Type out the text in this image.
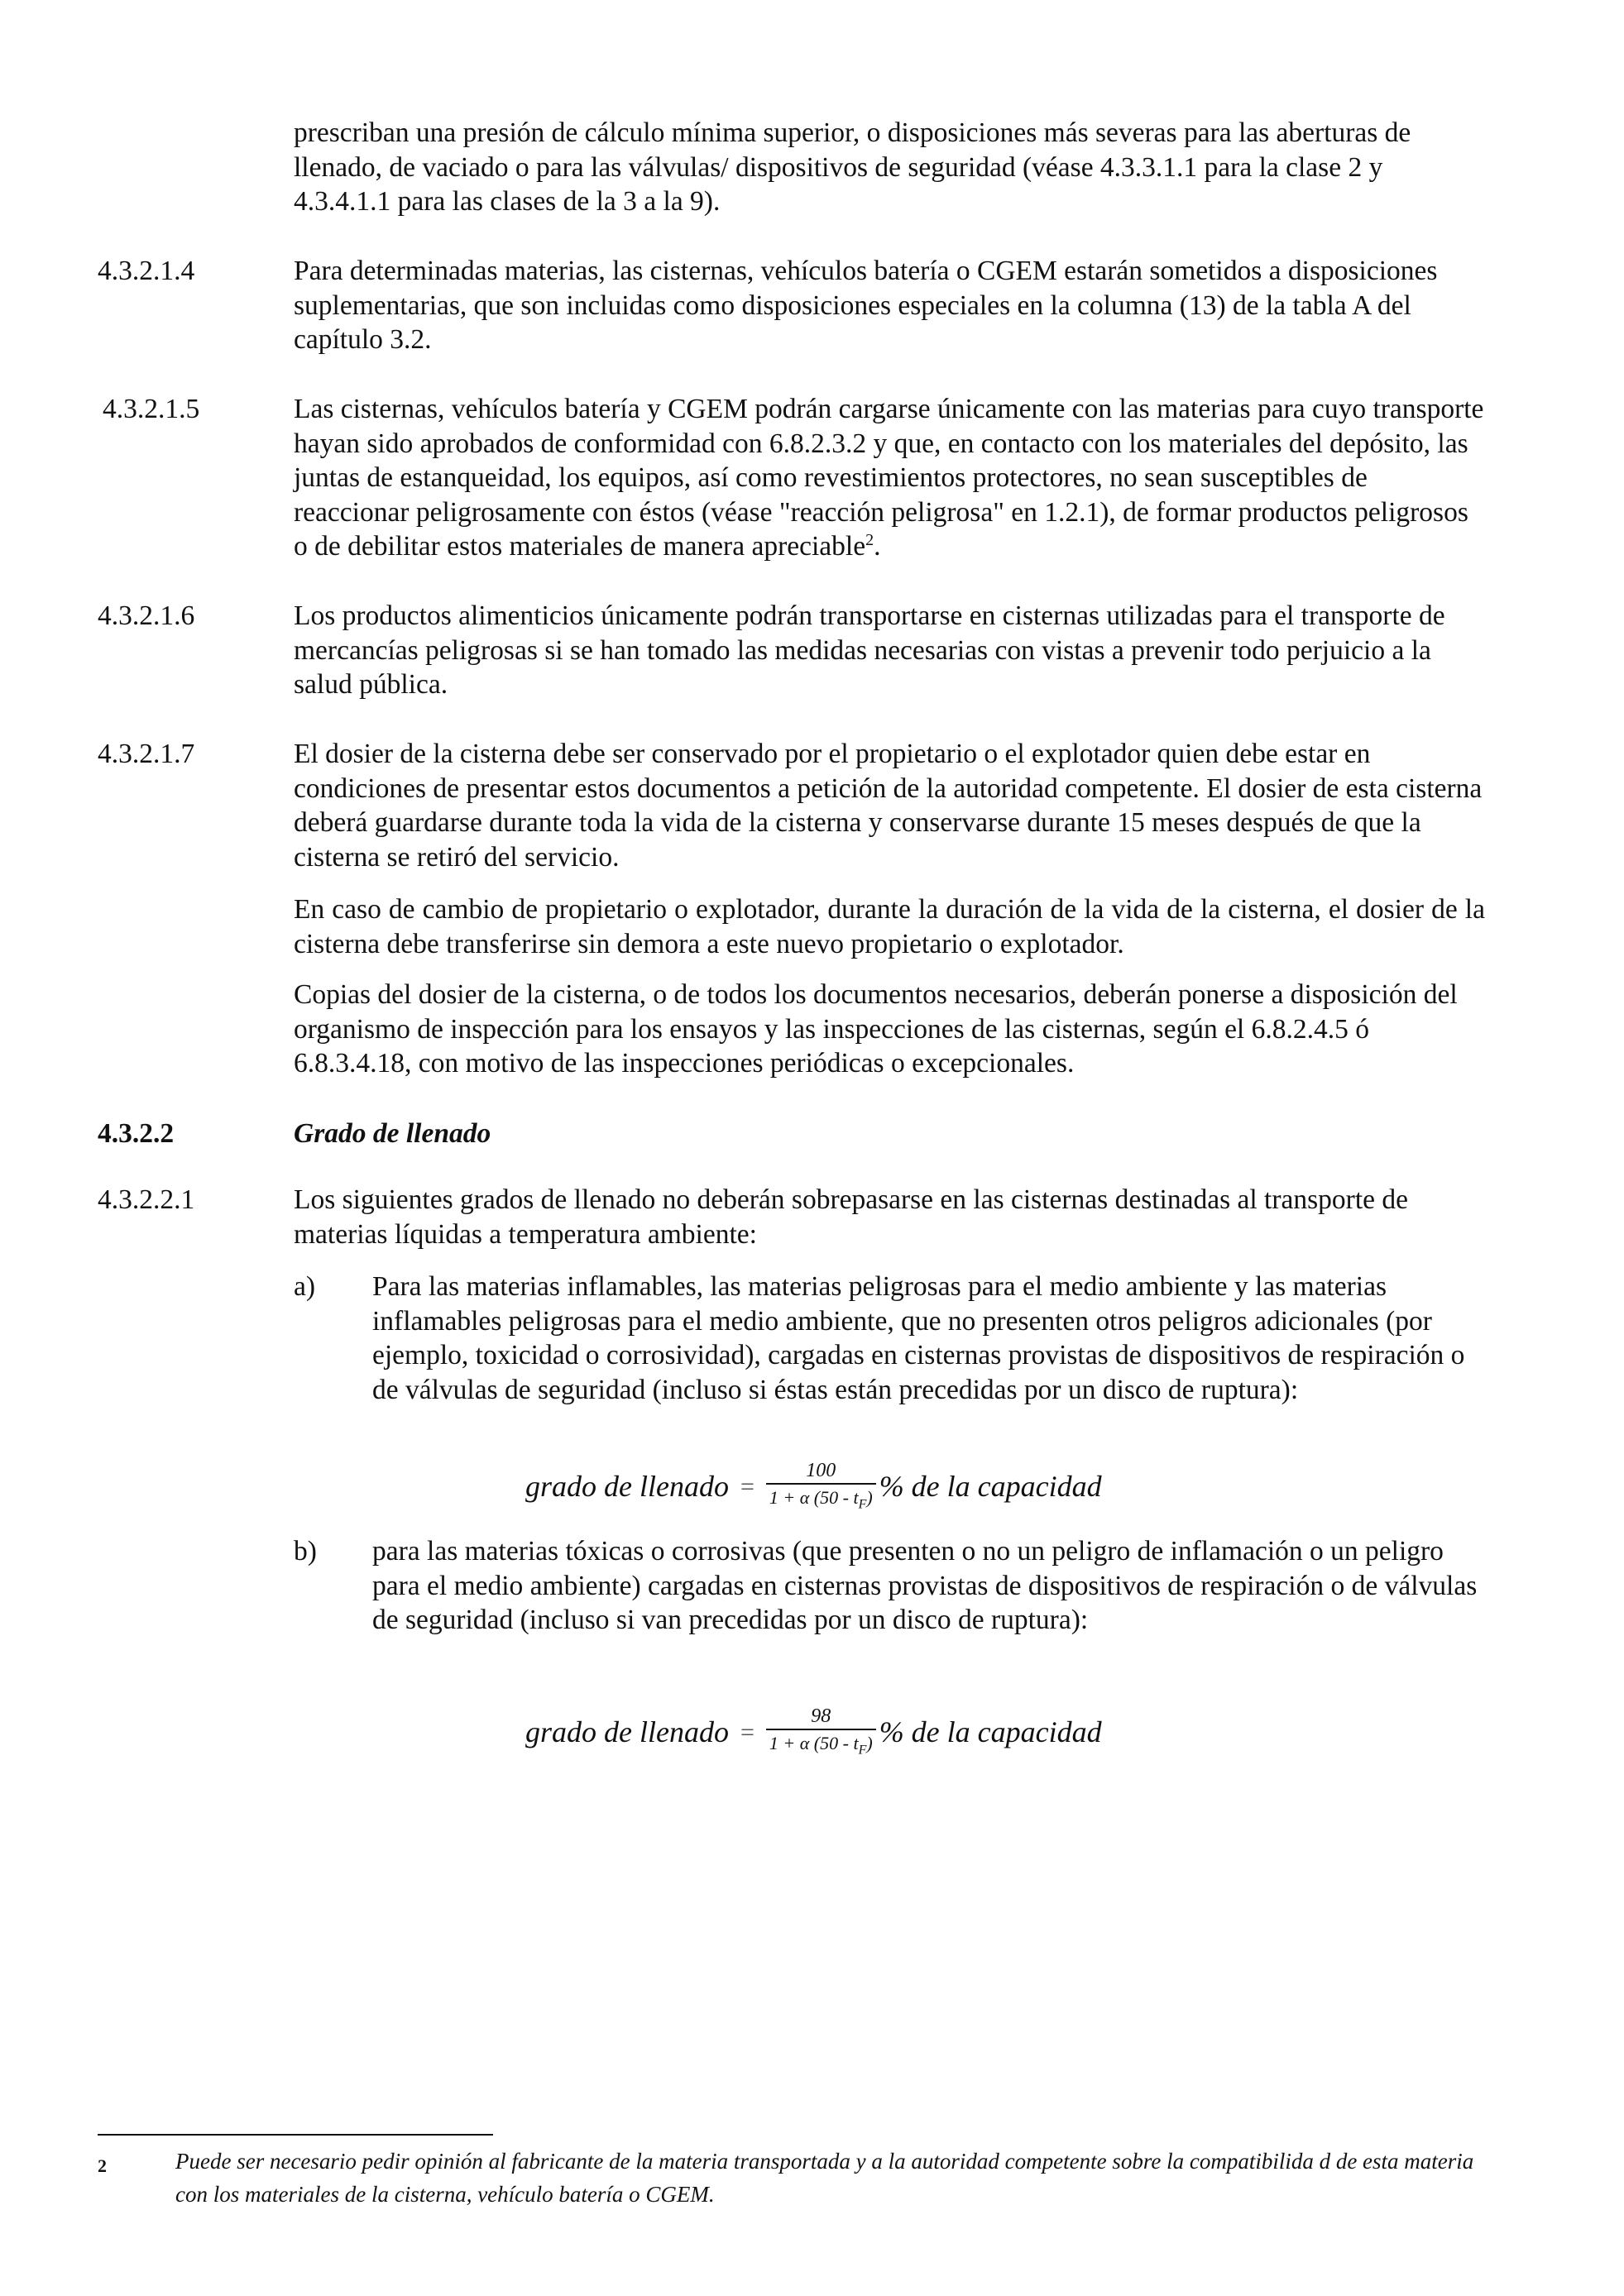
prescriban una presión de cálculo mínima superior, o disposiciones más severas para las aberturas de llenado, de vaciado o para las válvulas/ dispositivos de seguridad (véase 4.3.3.1.1 para la clase 2 y 4.3.4.1.1 para las clases de la 3 a la 9).

4.3.2.1.4	Para determinadas materias, las cisternas, vehículos batería o CGEM estarán sometidos a disposiciones suplementarias, que son incluidas como disposiciones especiales en la columna (13) de la tabla A del capítulo 3.2.

4.3.2.1.5	Las cisternas, vehículos batería y CGEM podrán cargarse únicamente con las materias para cuyo transporte hayan sido aprobados de conformidad con 6.8.2.3.2 y que, en contacto con los materiales del depósito, las juntas de estanqueidad, los equipos, así como revestimientos protectores, no sean susceptibles de reaccionar peligrosamente con éstos (véase "reacción peligrosa" en 1.2.1), de formar productos peligrosos o de debilitar estos materiales de manera apreciable$^2$.

4.3.2.1.6	Los productos alimenticios únicamente podrán transportarse en cisternas utilizadas para el transporte de mercancías peligrosas si se han tomado las medidas necesarias con vistas a prevenir todo perjuicio a la salud pública.

4.3.2.1.7	El dosier de la cisterna debe ser conservado por el propietario o el explotador quien debe estar en condiciones de presentar estos documentos a petición de la autoridad competente. El dosier de esta cisterna deberá guardarse durante toda la vida de la cisterna y conservarse durante 15 meses después de que la cisterna se retiró del servicio.

En caso de cambio de propietario o explotador, durante la duración de la vida de la cisterna, el dosier de la cisterna debe transferirse sin demora a este nuevo propietario o explotador.

Copias del dosier de la cisterna, o de todos los documentos necesarios, deberán ponerse a disposición del organismo de inspección para los ensayos y las inspecciones de las cisternas, según el 6.8.2.4.5 ó 6.8.3.4.18, con motivo de las inspecciones periódicas o excepcionales.

4.3.2.2	Grado de llenado
4.3.2.2.1	Los siguientes grados de llenado no deberán sobrepasarse en las cisternas destinadas al transporte de materias líquidas a temperatura ambiente:

a) Para las materias inflamables, las materias peligrosas para el medio ambiente y las materias inflamables peligrosas para el medio ambiente, que no presenten otros peligros adicionales (por ejemplo, toxicidad o corrosividad), cargadas en cisternas provistas de dispositivos de respiración o de válvulas de seguridad (incluso si éstas están precedidas por un disco de ruptura):
grado de llenado = $\frac{100}{1 + \alpha (50 - t_F)}$ % de la capacidad
b) para las materias tóxicas o corrosivas (que presenten o no un peligro de inflamación o un peligro para el medio ambiente) cargadas en cisternas provistas de dispositivos de respiración o de válvulas de seguridad (incluso si van precedidas por un disco de ruptura):
grado de llenado = $\frac{98}{1 + \alpha (50 - t_F)}$ % de la capacidad
2	Puede ser necesario pedir opinión al fabricante de la materia transportada y a la autoridad competente sobre la compatibilida d de esta materia con los materiales de la cisterna, vehículo batería o CGEM.
